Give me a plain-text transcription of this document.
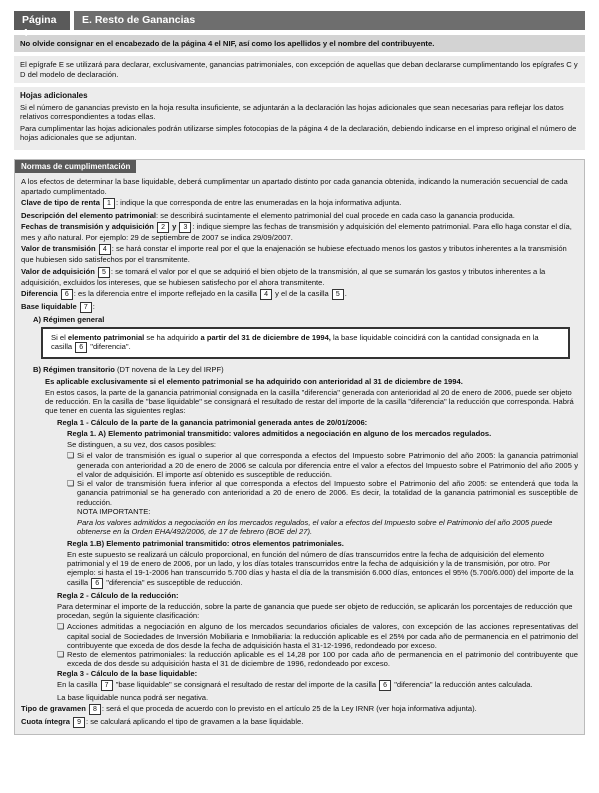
Página 4
E. Resto de Ganancias
No olvide consignar en el encabezado de la página 4 el NIF, así como los apellidos y el nombre del contribuyente.
El epígrafe E se utilizará para declarar, exclusivamente, ganancias patrimoniales, con excepción de aquellas que deban declararse cumplimentando los epígrafes C y D del modelo de declaración.
Hojas adicionales

Si el número de ganancias previsto en la hoja resulta insuficiente, se adjuntarán a la declaración las hojas adicionales que sean necesarias para reflejar los datos relativos correspondientes a todas ellas.

Para cumplimentar las hojas adicionales podrán utilizarse simples fotocopias de la página 4 de la declaración, debiendo indicarse en el impreso original el número de hojas adicionales que se adjuntan.

Normas de cumplimentación

A los efectos de determinar la base liquidable, deberá cumplimentar un apartado distinto por cada ganancia obtenida, indicando la numeración secuencial de cada apartado cumplimentado.

Clave de tipo de renta 1 : indique la que corresponda de entre las enumeradas en la hoja informativa adjunta.

Descripción del elemento patrimonial: se describirá sucintamente el elemento patrimonial del cual procede en cada caso la ganancia producida.

Fechas de transmisión y adquisición 2 y 3 : indique siempre las fechas de transmisión y adquisición del elemento patrimonial. Para ello haga constar el día, mes y año natural. Por ejemplo: 29 de septiembre de 2007 se indica 29/09/2007.

Valor de transmisión 4 : se hará constar el importe real por el que la enajenación se hubiese efectuado menos los gastos y tributos inherentes a la transmisión que hubiesen sido satisfechos por el transmitente.

Valor de adquisición 5 : se tomará el valor por el que se adquirió el bien objeto de la transmisión, al que se sumarán los gastos y tributos inherentes a la adquisición, excluidos los intereses, que se hubiesen satisfecho por el ahora transmitente.

Diferencia 6 : es la diferencia entre el importe reflejado en la casilla 4 y el de la casilla 5 .

Base liquidable 7 :

A) Régimen general

Si el elemento patrimonial se ha adquirido a partir del 31 de diciembre de 1994, la base liquidable coincidirá con la cantidad consignada en la casilla 6 "diferencia".

B) Régimen transitorio (DT novena de la Ley del IRPF)

Es aplicable exclusivamente si el elemento patrimonial se ha adquirido con anterioridad al 31 de diciembre de 1994.

En estos casos, la parte de la ganancia patrimonial consignada en la casilla "diferencia" generada con anterioridad al 20 de enero de 2006, puede ser objeto de reducción. En la casilla de "base liquidable" se consignará el resultado de restar del importe de la casilla "diferencia" la reducción que corresponda. Habrá que tener en cuenta las siguientes reglas:

Regla 1 - Cálculo de la parte de la ganancia patrimonial generada antes de 20/01/2006:

Regla 1. A) Elemento patrimonial transmitido: valores admitidos a negociación en alguno de los mercados regulados.

Se distinguen, a su vez, dos casos posibles:

❏ Si el valor de transmisión es igual o superior al que corresponda a efectos del Impuesto sobre Patrimonio del año 2005: la ganancia patrimonial generada con anterioridad a 20 de enero de 2006 se calcula por diferencia entre el valor a efectos del Impuesto sobre el Patrimonio del año 2005 y el valor de adquisición. El importe así obtenido es susceptible de reducción.
❏ Si el valor de transmisión fuera inferior al que corresponda a efectos del Impuesto sobre el Patrimonio del año 2005: se entenderá que toda la ganancia patrimonial se ha generado con anterioridad a 20 de enero de 2006. Es decir, la totalidad de la ganancia patrimonial es susceptible de reducción.

NOTA IMPORTANTE:

Para los valores admitidos a negociación en los mercados regulados, el valor a efectos del Impuesto sobre el Patrimonio del año 2005 puede obtenerse en la Orden EHA/492/2006, de 17 de febrero (BOE del 27).

Regla 1.B) Elemento patrimonial transmitido: otros elementos patrimoniales.

En este supuesto se realizará un cálculo proporcional, en función del número de días transcurridos entre la fecha de adquisición del elemento patrimonial y el 19 de enero de 2006, por un lado, y los días totales transcurridos entre la fecha de adquisición y la de transmisión, por otro. Por ejemplo: si hasta el 19-1-2006 han transcurrido 5.700 días y hasta el día de la transmisión 6.000 días, entonces el 95% (5.700/6.000) del importe de la casilla 6 "diferencia" es susceptible de reducción.

Regla 2 - Cálculo de la reducción:

Para determinar el importe de la reducción, sobre la parte de ganancia que puede ser objeto de reducción, se aplicarán los porcentajes de reducción que procedan, según la siguiente clasificación:

❏ Acciones admitidas a negociación en alguno de los mercados secundarios oficiales de valores, con excepción de las acciones representativas del capital social de Sociedades de Inversión Mobiliaria e Inmobiliaria: la reducción aplicable es el 25% por cada año de permanencia en el patrimonio del contribuyente que exceda de dos desde la fecha de adquisición hasta el 31-12-1996, redondeado por exceso.
❏ Resto de elementos patrimoniales: la reducción aplicable es el 14,28 por 100 por cada año de permanencia en el patrimonio del contribuyente que exceda de dos desde su adquisición hasta el 31 de diciembre de 1996, redondeado por exceso.

Regla 3 - Cálculo de la base liquidable:

En la casilla 7 "base liquidable" se consignará el resultado de restar del importe de la casilla 6 "diferencia" la reducción antes calculada.

La base liquidable nunca podrá ser negativa.

Tipo de gravamen 8 : será el que proceda de acuerdo con lo previsto en el artículo 25 de la Ley IRNR (ver hoja informativa adjunta).

Cuota íntegra 9 : se calculará aplicando el tipo de gravamen a la base liquidable.
